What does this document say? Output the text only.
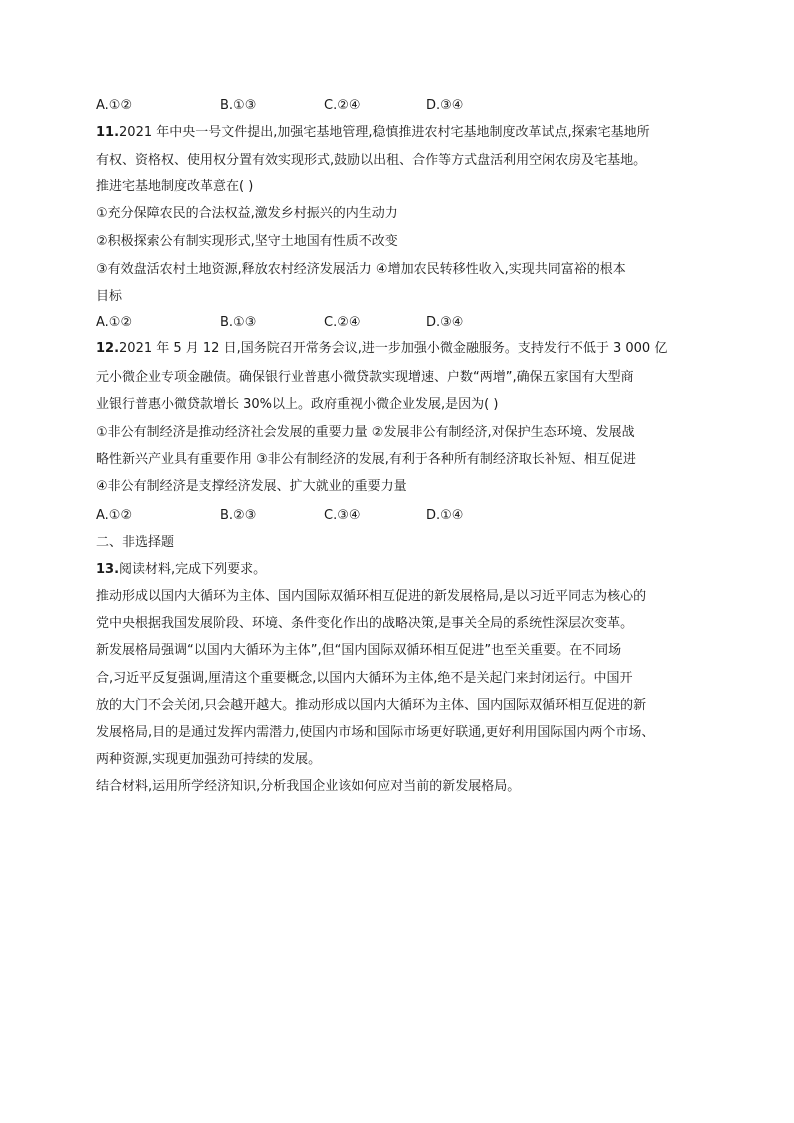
A.①②	B.①③	C.②④	D.③④
11.2021 年中央一号文件提出,加强宅基地管理,稳慎推进农村宅基地制度改革试点,探索宅基地所
有权、资格权、使用权分置有效实现形式,鼓励以出租、合作等方式盘活利用空闲农房及宅基地。
推进宅基地制度改革意在( )
①充分保障农民的合法权益,激发乡村振兴的内生动力
②积极探索公有制实现形式,坚守土地国有性质不改变
③有效盘活农村土地资源,释放农村经济发展活力 ④增加农民转移性收入,实现共同富裕的根本
目标
A.①②	B.①③	C.②④	D.③④
12.2021 年 5 月 12 日,国务院召开常务会议,进一步加强小微金融服务。支持发行不低于 3 000 亿
元小微企业专项金融债。确保银行业普惠小微贷款实现增速、户数“两增”,确保五家国有大型商
业银行普惠小微贷款增长 30%以上。政府重视小微企业发展,是因为( )
①非公有制经济是推动经济社会发展的重要力量 ②发展非公有制经济,对保护生态环境、发展战
略性新兴产业具有重要作用 ③非公有制经济的发展,有利于各种所有制经济取长补短、相互促进
④非公有制经济是支撑经济发展、扩大就业的重要力量
A.①②	B.②③	C.③④	D.①④
二、非选择题
13.阅读材料,完成下列要求。
推动形成以国内大循环为主体、国内国际双循环相互促进的新发展格局,是以习近平同志为核心的
党中央根据我国发展阶段、环境、条件变化作出的战略决策,是事关全局的系统性深层次变革。
新发展格局强调“以国内大循环为主体”,但“国内国际双循环相互促进”也至关重要。在不同场
合,习近平反复强调,厘清这个重要概念,以国内大循环为主体,绝不是关起门来封闭运行。中国开
放的大门不会关闭,只会越开越大。推动形成以国内大循环为主体、国内国际双循环相互促进的新
发展格局,目的是通过发挥内需潜力,使国内市场和国际市场更好联通,更好利用国际国内两个市场、
两种资源,实现更加强劲可持续的发展。
结合材料,运用所学经济知识,分析我国企业该如何应对当前的新发展格局。
